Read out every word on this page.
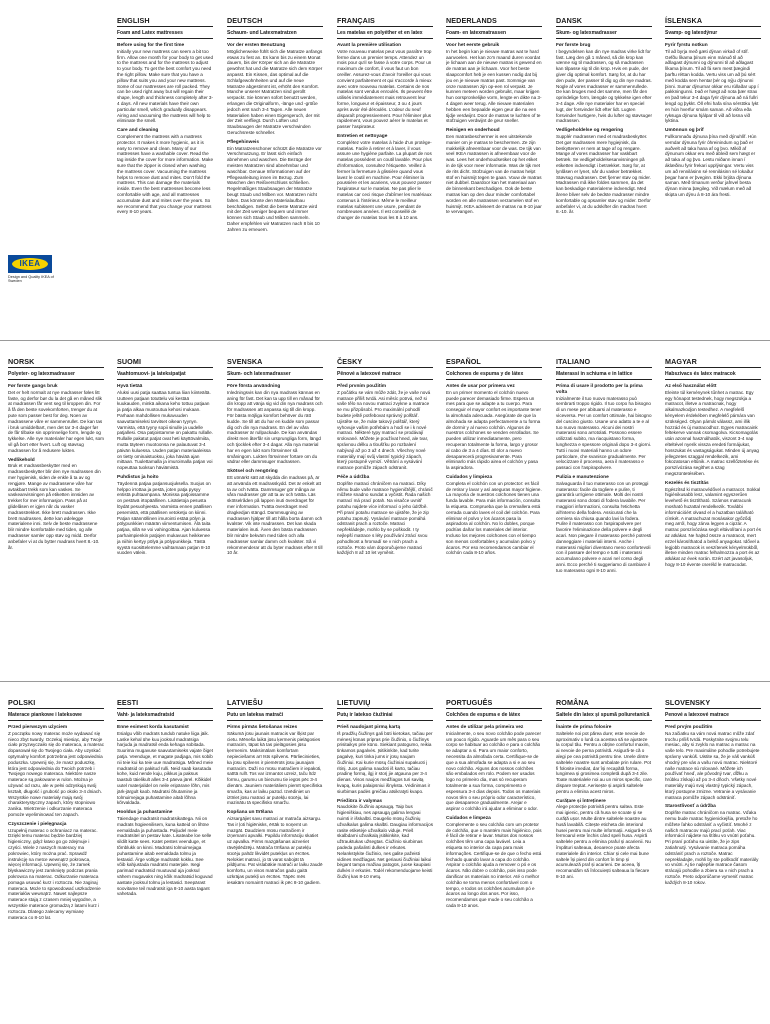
ENGLISH
Foam and Latex mattresses
Before using for the first time

Initially your new mattress can seem a bit too firm. Allow one month for your body to get used to the mattress and for the mattress to adjust to your body. To get the best comfort you need the right pillow. Make sure that you have a pillow that suits you and your new mattress. Some of our mattresses are roll packed. They can be used right away but will regain their shape, length and thickness completely after 3-4 days. All new materials have their own particular smell, which gradually disappears. Airing and vacuuming the mattress will help to eliminate the smell.

Care and cleaning

Complement the mattress with a mattress protector. It makes it more hygienic, as it is easy to remove and clean. Many of our mattresses have a washable cover. Read the tag inside the cover for more information. Make sure that the zipper is closed when washing the mattress cover. Vacuuming the mattress helps to remove dust and mites. Don't fold the mattress. This can damage the materials inside. Even the best mattresses become less comfortable with age, and all mattresses accumulate dust and mites over the years. So we recommend that you change your mattress every 8-10 years.

DEUTSCH
Schaum- und Latexmatratzen
Vor der ersten Benutzung

Möglicherweise fühlt sich die Matratze anfangs etwas zu fest an. Es kann bis zu einem Monat dauern, bis der Körper sich an die Matratze gewöhnt hat und die Matratze sich dem Körper anpasst. Ein Kissen, das optimal auf die Schlafgewohnheiten und auf die neue Matratze abgestimmt ist, erhöht den Komfort. Manche unserer Matratzen sind gerollt verpackt. Sie können sofort benutzt werden, erlangen die Originalform, -länge und -größe jedoch erst nach 3-4 Tagen. Alle neuen Materialien haben einen Eigengeruch, der mit der Zeit verfliegt. Durch Lüften und Staubsaugen der Matratze verschwinden Geruchsreste schneller.

Pflegehinweis

Ein Matratzenschoner schützt die Matratze vor Verschmutzung. Er lässt sich einfach abnehmen und waschen. Die Bezüge der meisten Matratzen sind abnehmbar und waschbar. Genaue Informationen auf der Pflegeanleitung innen im Bezug. Zum Waschen den Reißverschluss schließen. Regelmäßiges Staubsaugen der Matratze beugt Staub und Milben vor. Matratzen nicht falten. Das könnte den Materialaufbau beschädigen. Selbst die beste Matratze wird mit der Zeit weniger bequem und immer können sich Staub und Milben sammeln. Daher empfehlen wir Matratzen nach 8 bis 10 Jahren zu erneuern.

FRANÇAIS
Les matelas en polyéther et en latex
Avant la première utilisation

Votre nouveau matelas peut vous paraître trop ferme dans un premier temps. Attendez un mois pour qu'il se fasse à votre corps. Pour un maximum de confort, il vous faut un bon oreiller. Assurez-vous d'avoir l'oreiller qui vous convient parfaitement et qui s'accorde à mieux avec votre nouveau matelas. Certains de nos matelas sont vendus enroulés. Ils peuvent être utilisés immédiatement mais retrouvent leur forme, longueur et épaisseur, 3 ou 4 jours après avoir été déroulés. L'odeur du neuf disparaît progressivement. Pour l'éliminer plus rapidement, vous pouvez aérer le matelas et passer l'aspirateur.

Entretien et nettoyage

Complétez votre matelas à l'aide d'un protège-matelas. Facile à retirer et à laver, il vous assure une hygiène parfaite. La plupart de nos matelas possèdent un coutil lavable. Pour plus d'information, consultez l'étiquette. Veillez à fermer la fermeture à glissière quand vous lavez le coutil en machine. Pour éliminer la poussière et les acariens, vous pouvez passer l'aspirateur sur le matelas. Ne pas plier le matelas car ceci risque d'abîmer les matériaux contenus à l'intérieur. Même le meilleur matelas subissent une usure, pendant de nombreuses années. Il est conseillé de changer de matelas tous les 8 à 10 ans.

NEDERLANDS
Foam- en latexmatrassen
Voor het eerste gebruik

In het begin kan je nieuwe matras wat te hard aanvoelen. Het kan zo'n maand duren voordat je lichaam aan de nieuwe matras is gewend en de matras aan je lichaam. Voor het beste slaapcomfort heb je een kussen nodig dat bij jou en je nieuwe matras past. Sommige van onze matrassen zijn op-een rol verpakt. Je kunnen meteen worden gebruikt, maar krijgen hun oorspronkelijke vorm, lengte en dikte na 3-4 dagen weer terug. Alle nieuwe materialen hebben een bepaalde eigen geur die na een tijdje verdwijnt. Door de matras te luchten of te stofzuigen verdwijnt de geur sneller.

Reinigen en onderhoud

Een matrasbeschermer is een uitstekende manier om je matras te beschermen. Ze zijn makkelijk afneembaar voor de was. De tijk van veel IKEA matrassen is afneembaar voor de was. Lees het onderhoudsetiket op het etiket in de tijk voor meer informatie. Was de tijk met de rits dicht. Stofzuigen van de matras helpt stof en huismijt tegen te gaan. Vouw de matras niet dubbel. Daardoor kan het materiaal aan de binnenkant beschadigen. Ook de beste matras kan op den duur minder comfortabel worden en alle matrassen verzamelen stof en huismijt. IKEA adviseert de matras na 8-10 jaar te vervangen.

DANSK
Skum- og latexmadrasser
Før første brug

I begyndelsen kan din nye madras virke lidt for fast. Læg den gå 1 måned, så din krop kan vænne sig til madrassen, og så madrassen kan tilpasse sig til din krop. Hvis en pude, der giver dig optimal komfort. Sørg for, at du har den pude, der passer til dig og din nye madras. Nogle af vores madrasser er sammenrullede. De kan bruges med det samme, men får den oprindelige form, længde og tykkelse igen efter 3-4 dage. Alle nye materialer har en speciel lugt, der forsvinder lidt efter lidt. Lugten forsvinder hurtigere, hvis du lufter og støvsuger madrassen.

Vedligeholdelse og rengøring

Supplér madrassen med et madrasbeskytter. Det gør madrassen mere hygiejnisk, da beskytteren er nem at tage af og rengøre. Mange af vores madrasser har vaskbart betræk. Se vedligeholdelsesanvisningen på etiketten indvendigt i betrækket. Sørg for, at lynlåsen er lynet, når du vasker betrækket. Støvsug madrassen. Det fjerner støv og mider. Madrassen må ikke foldes sammen, da det kan beskadige materialerne indvendigt. Med årene bliver selv de bedste madrasser mindre komfortable og opsamler støv og mider. Derfor anbefaler vi, at du udskifter din madras hvert 8.-10. år.

ÍSLENSKA
Svamp- og latexdýnur
Fyrir fyrstu notkun

Til að byrja með gæti dýnan virkað of stíf. Gefðu líkama þínum einn mánuð til að aðlagast dýnunni og dýnunni til að aðlagast líkama þínum. Til að fá sem mest þægindi þarftu réttan kodda. Vertu viss um að þú sért með kodda sem hentar þér og nýju dýnunni þinni. Sumar dýnurnar okkar eru rúllaðar upp í pakkningunni. Það er hægt að nota þær strax en það tekur 3-4 daga fyrir dýnuna að ná fullri lengd og þykkt. Öll efni hafa sína sérstöku lykt en hún hverfur smám saman. Að viðra eða ryksuga dýnuna hjálpar til við að losna við lyktina.

Umönnun og þrif

Fullkomnaðu dýnuna þína með dýnuhlíf. Hún verndar dýnuna fyrir óhreinindum og það er auðvelt að taka hana af og þvo. Mikið af dýnunum okkar eru með ábleið sem hægt er að taka af og þvo. Lestu miðann innan í áklæðinu fyrir frekari upplýsingar. Vertu viss um að rennilásinn sé rennilásinn sé lokaður þegar hann er þveginn. Ekki brjóta dýnuna saman. Með tímanum verður jafnvel besta dýnan minna þægileg. Við mælum með að skipta um dýnu á 8-10 ára fresti.

IKEA
Design and Quality IKEA of Sweden
NORSK
Polyeter- og latexmadrasser
Før første gangs bruk

Det er helt normalt at nye madrasser føles litt faste, og derfor bør du la det gå en måned slik at madrassen får vent seg til kroppen din. For å få den beste sovekomforten, trenger du at pute som passer best for deg. Noen av madrassene våre er sammenrullet. De kan tas i bruk umiddelbart, men det tar 3-4 dager før de får tilbake sin opprinnelige form, lengde og tykkelse. Alle nye materialer har egen lukt, som vil gå bort etter hvert. Luft og støvsug madrassen for å redusere lukten.

Vedlikehold

Bruk et madrassbeskytter med en madrassbeskytter blir den nye madrassen din mer hygienisk, siden de enkle å ta av og rengjøre. Mange av madrassene våre har avtakbart trekk som kan vaskes. Se vaskeanvisningen på etiketten innsiden av trekket for mer informasjon. Pass på at glidelåsen er igjen når du vasker madrasstrekket. Ikke brett madrassen. Ikke brett madrassen, dette kan ødelegge materialene inni. Selv de beste madrassene blir mindre komfortable med tiden, og alle madrasser samler opp støv og midd. Derfor anbefaler vi at du bytter madrass hvert 8.-10. år.

SUOMI
Vaahtomuovi- ja lateksipatjat
Hyvä tietää

Aluksi uusi patja saattaa tuntua liian kiinteältä. Uutteen patjaan totuttelu voi kestää kuukauden, minkä aikana keho tottuu patjaan ja patja alkaa muotoutua kehosi mukaan. Parhaan mahdollisen mukavuuden saavuttamiseksi tarvitset oikean tyynyn. Varmista, että tyyny sopii sinulle ja uudelle patjallesi. Osa patjoistamme on pakattu rullalle. Rullalle pakatut patjat ovat heti käyttövalmiita, mutta täyteen muotoonsa ne palautuvat 3-4 päivän kuluessa. Uuden patjan materiaaleissa on tietty ominaistuoksu, joka häviää ajan mittaan. Tuulettamalla ja imuroimalla patjan voi nopeuttaa tuoksun häviämistä.

Puhdistus ja hoito

Täydennä patjaa patjansuojuksella. Suojus on helppo irrottaa ja pestä, joten patja pysyy entistä puhtaampana. Monissa patjoissamme on pestävä irtopäällinen. Lisätietoja pesusta löydät pesuohjeesta. Varmista ennen päällisen pesemistä, että päällisen vetoketju on kiinni. Patjan säännöllinen imurointi estää pölyn ja pölypunkkien määrän viimentumisen. Älä taita patjaa, sillä se voi vahingoittaa. Ajan kuluessa parhaimpienkin patjojen mukavuus heikkenee ja niihin kertyy pölyä ja pölypunkkeja. Tästä syystä suosittelemme vaihtamaan patjan 8-10 vuoden välein.

SVENSKA
Skum- och latexmadrasser
Före första användning

Inledningsvis kan din nya madrass kännas en aning för fast. Det kan ta upp till en månad för din kropp att vänja sig vid din nya madrass och för madrassen att anpassa sig till din kropp. För bästa möjliga komfort behöver du rätt kudde. Se till att du har en kudde som passar dig och din nya madrass. En del av våra madrasser är rullpackade. De kan användas direkt men återfår sin ursprungliga form, längd och tjocklek efter 3-4 dagar. Alla nya material har en egen lukt som försvinner så småningom. Lukten försvinner fortare om du vädrar eller dammsuger madrassen.

Skötsel och rengöring

Ett utmärkt sätt att skydda din madrass på, är att använda ett madrasskydd. Det är enkelt att ta av och tvätta. Dammsuger gör många av våra madrasser gör att ta av och tvätta. Läs skötselråden på lappen inuti överdraget för mer information. Tvätta överdraget med dragkedjan stängd. Dammsugning av madrassen hjälper till att hålla borta damm och kvalster. Vik inte madrassen. Det kan skada materialen inuti. Även den bästa madrassen blir mindre bekväm med tiden och alla madrasser samlar damm och kvalster. Så vi rekommenderar att du byter madrass efter 8 till 10 år.

ČESKY
Pěnové a latexové matrace
Před prvním použitím

Z počátku se vám může zdát, že je vaše nová matrace příliš tvrdá. Asi měsíc potrvá, než si vaše tělo na novou matraci zvykne a matrace se mu přizpůsobí. Pro maximální pohodlí budete ještě potřebovat správný polštář. Ujistěte se, že máte takový polštář, který vyhovuje vašim potřebám a hodí se i k nové matraci. Některé typy matrací se prodávají srolované. Můžete je používat hned, ale tvar, správnou délku a tloušťku po rozbalení nabývají až po 3 až 4 dnech. Všechny nové materiály mají svůj vlastní typický zápach, který postupně vymizí. Větrání a vysávání matrace pomůže zápach odstranit.

Péče a údržba

Doplňte matraci chráničem na matraci. Díky němu bude vaše matrace hygieničtější, chránič můžete snadno sundat a vyčistit. Řada našich matrací má prací potah. Na visačce uvnitř potahu najdete více informací o jeho údržbě. Při praní potahu matrace se ujistěte, že je zip potahu zapnutý. Vysávání matrace pomáhá odstranit prach a roztoče. Matraci nepřekládejte, mohlo by se poškodit. I ty nejlepší matrace s léty používání ztrácí svou pohodlnost a hromadí se v nich prach a roztoče. Proto vám doporučujeme matraci každých 8 až 10 let vyměnit.

ESPAÑOL
Colchones de espuma y de látex
Antes de usar por primera vez

En un primer momento el colchón nuevo puede parecer demasiado firme. Espera un mes para que se adapte a tu cuerpo. Para conseguir el mayor confort es importante tener la almohada adecuada. Asegúrate de que la almohada se adapta perfectamente a tu forma de dormir y al nuevo colchón. Algunos de nuestros colchones se venden enrollados. Se pueden utilizar inmediatamente, pero recuperan totalmente la forma, largo y grosor al cabo de 3 a 4 días. El olor a nuevo desaparecerá progresivamente. Para eliminarlo más rápido airea el colchón y pasa la aspiradora.

Cuidados y limpieza

Completa el colchón con un protector: es fácil de retirar y lavar y así aseguras mayor higiene. La mayoría de nuestros colchones tienen una funda lavable. Para más información, consulta la etiqueta. Comprueba que la cremallera está cerrada cuando laves el coil del colchón. Para eliminar el polvo y los ácaros pasa la aspiradora al colchón. No lo dobles, porque podrías dañar los materiales del interior. Incluso los mejores colchones con el tiempo son menos confortables y acumulan polvo y ácaros. Por eso recomendamos cambiar el colchón cada 8-10 años.

ITALIANO
Materassi in schiuma e in lattice
Prima di usare il prodotto per la prima volta

Inizialmente il tuo nuovo materasso può sembrarti troppo rigido. Il tuo corpo ha bisogno di un mese per abituarsi al materasso e viceversa. Per un comfort ottimale, hai bisogno del cuscino giusto. Usane uno adatto a te e al tuo nuovo materasso. Alcuni dei nostri materassi sono arrotolati. Possono essere utilizzati subito, ma riacquistano forma, lunghezza e spessore originali dopo 3-4 giorni. Tutti i nuovi materiali hanno un odore particolare, che svanisce gradualmente. Per velocizzare il processo, aera il materasso e passaci con l'aspirapolvere.

Pulizia e manutenzione

Salvaguarda il tuo materasso con un proteggi materasso: facile da togliere e pulire, ti garantirà un'igiene ottimale. Molti dei nostri materassi sono dotati di fodera lavabile. Per maggiori informazioni, consulta l'etichetta all'interno della fodera. Assicurati che la cerniera sia chiusa quando lavi la fodera. Pulire il materasso con l'aspirapolvere per favorire l'eliminazione della polvere e degli acari. Non piegare il materasso perché potresti danneggiare i materiali interni. Anche i materassi migliori diventano meno confortevoli con il passare del tempo e tutti i materassi accumulano polvere e acari nel corso degli anni. Ecco perché ti suggeriamo di cambiare il tuo materasso ogni 8-10 anni.

MAGYAR
Habszivacs és latex matracok
Az első használat előtt

Eleinte túl keménynek tűnhet a matrac. Egy egy hónapot testednek, hogy megszokja a matracot, illetve a matracnak, hogy alkalmazkodjon testedhez. A megfelelő kényelem érdekében megfelelő párnára van szükséged. Olyan párnát válassz, ami illik hozzád és új matracodhoz. Egyes matracaink feltekerve vannak csomagolva. Kicsomagolás után azonnal használhatók, viszont 3-4 nap elteltével nyerik vissza eredeti formájukat, hosszukat és vastagságukat. Minden új anyag jellegzetes szaggal rendelkezik, ami fokozatosan eltűnik. A matrac szellőztetése és porszívózása segíthet a szag megszüntetésében.

Kezelés és tisztítás

Egészítsd ki matracvédővel a matracot. Sokkal higiénikusabb lesz, valamint egyszerűen levehető és tisztítható. Számos matracunk mosható huzattal rendelkezik. További információért olvasd el a huzatban található címkét. A matrachuzat mosásakor győződj meg arról, hogy zárva legyen a cipzár. A matrac porszívózása segít eltávolítani a port és az atkákat. Ne hajtsd össze a matracot, mert ezzel károsíthatod a belső anyagokat. Idővel a legjobb matracok is veszítenek kényelmükből, illetve minden matrac felhalmozza a port és az atkákat az évek során. Ezért azt javasoljuk, hogy 8-10 évente cseréld le matracodat.

POLSKI
Materace piankowe i lateksowe
Przed pierwszym użyciem

Z początku nowy materac może wydawać się nieco zbyt twardy. Oczekuj miesiąc, aby Twoje ciało przyzwyczaiło się do materaca, a materac dopasował się do Twojego ciała. Aby uzyskać optymalny komfort potrzebna jest odpowiednia poduszka. Upewnij się, że masz poduszkę, która jest odpowiednia do Twoich potrzeb i Twojego nowego materaca. Niektóre nasze materace są pakowane w rulon. Można je używać od razu, ale w pełni odzyskują swój kształt, długość i grubość po około 3-4 dniach. Wszystkie nowe materiały mają swój charakterystyczny zapach, który stopniowo zanika. Wietrzenie i odkurzanie materaca pomoże wyeliminować ten zapach.

Czyszczenie i pielęgnacja

Uzupełnij materac o ochraniacz na materac. Dzięki temu materac będzie bardziej higieniczny, gdyż łatwo go go zdejmuje i czyści. Wiele z naszych materacy ma pokrowiec, który można prać. Sprawdź instrukcję na metce wewnątrz pokrowca, więcej informacji. Upewnij się, że zamek błyskawiczny jest zamknięty podczas prania pokrowca na materac. Odkurzanie materaca pomaga usuwać kurz i roztocza. Nie zaginaj materaca. Może to spowodować uszkodzenie materiałów wewnątrz. Nawet najlepsze materace stają z czasem mniej wygodne, a wszystkie materace gromadzą z latami kurz i roztocza. Dlatego zalecamy wymianę materaca co 8-10 lat.

EESTI
Vaht- ja lateksmadratsid
Enne esimest korda kasutamist

Esialgu võib madrats tundub natuke liiga jäik. Laske kehal ühe kuu jooksul madratsiga harjuda ja madratsil enda kehaga sobitada. Suurima mugavuse saavutamiseks vajate õiget patja. Veenduge, et magate padjaga, mis sobib nii teie kui ka teie uue madratsiga. Mõned meie madratsid on pakitud rulli. Neid saab kasutada kohe, kuid nende kuju, pikkus ja paksus taastub täielikult alles 3-4 päeva järel. Kõikidel uutel materjalidel on neile eripärane lõhn, mis järk-järgult kaob. Madratsi õhutamine ja tolmuimejaga puhastamine aitab lõhna kõrvaldada.

Hooldus ja puhastamine

Täiendage madratsit madratsikattega. Nii on madrats hügieenilisem, kuna katteid on lihtne eemaldada ja puhastada. Paljudel meie madratsitel on pestav kate. Lisateabe loe selle sildilt katte sees. Katet pestes veenduge, et tõmblukk on kinni. Madratsi tolmuimejaga puhastamine aitab eemaldada tolmu ja lestasid. Ärge voltige madratsit kokku. See võib kahjustada madratsi materjale. Isegi parimad madratsid muutuvad aja jooksul vähem mugavaks ning kõik madratsid koguvad aastate jooksul tolmu ja lestasid. Seepärast soovitame teil madratsit iga 8-10 aasta tagant vahetada.

LATVIEŠU
Putu un lateksa matrači
Pirms pirmās lietošanas reizes

Sākumā jūsu jaunais matracis var šķist par cietu. Mēneša laikā jūsu ķermenis pielāgosies matracim, tāpat kā tas pielāgosies jūsu ķermenim. Maksimālam komfortam nepieciešams arī īsts spilvens. Pārliecinieties, ka jūsu spilvens ir piemērots jūsu jaunajam matracim. Daži no mūsu matračiem ir iepakoti, satītā rullī. Tos var izmantot uzreiz, taču līdz formu, garumu un biezumu tie iegūs pēc 3-4 dienām. Jauniem materiāliem piemīt specifiska smarža, kas ar laiku pazūd. Izvēdiniet un iztīriet jūsu matraci ar putekļu sūcēju, lai mazinātu tā specifisko smaržu.

Kopšana un tīrīšana

Aizsargājiet savu matraci ar matrača aizsargu. Tas ir ļoti higiēnisks, ērtāk to noņemt un mazgāt. Daudziem mūsu matračiem ir izņemami apvalki. Papildu informāciju skatiet uz apvalka. Pirms mazgāšanas aizveriet rāvējslēdzēju. Matrača tīrīšana ar putekļu sūcēju palīdz likvidēt putekļus un ērcītes. Nelokiet matraci, jo tā varat sabojāt tā pildījumu. Pat vislabākie matrači ar laiku zaudē komfortu, un visos matračos gadu gaitā uzkrājas putekļi un ērcītes. Tāpēc mēs iesakām nomainīt matraci ik pēc 8-10 gadiem.

LIETUVIŲ
Putų ir latekso čiužiniai
Prieš naudojant pirmą kartą

Iš pradžių čiužinys gali būti kietokas, tačiau per mėnesį kūnas pripras prie čiužinio, o čiužinys prisitaikys prie kūno. Siekiant patogumo, reikia tinkamos pagalvės. Įsitikinkite, kad turite pagalvę, kuri tinka jums ir jūsų naujam čiužiniui. Kai kurie mūsų čiužiniai supakuoti į ritinį. Juos galima naudoti iš karto, tačiau pradinę formą, ilgį ir storį jie atgauna per 3-4 dienas. Visos naujos medžiagos turi savitą kvapą, kuris palaipsniui išnyksta. Vėdinimas ir siurbimas padės greičiau atsikratyti kvapo.

Priežiūra ir valymas

Naudokite čiužinio apsaugą. Taip bus higieniškiau, nes apsaugą galima lengvai nuimti ir išskalbti. Daugelio mūsų čiužinių užvalkalus galima skalbti. Daugiau informacijos rasite etiketėje užvalkalo viduje. Prieš skalbdami užvalkalą įsitikinkite, kad užtrauktukas užsegtas. Čiužinio siurbimas padeda pašalinti dulkes ir erkutes. Nelankstykite čiužinio, nes galite pažeisti vidines medžiagas. Net geriausi čiužiniai laikui bėgant tampa mažiau patogūs, juose kaupiasi dulkės ir erkutės. Todėl rekomenduojame keisti čiužinį kas 8-10 metų.

PORTUGUÊS
Colchões de espuma e de látex
Antes de utilizar pela primeira vez

Inicialmente, o seu novo colchão pode parecer um pouco rígido. Aguarde um mês para o seu corpo se habituar ao colchão e para o colchão se adaptar a si. Para um maior conforto, necessita da almofada certa. Certifique-se de que a sua almofada se adapta a si e ao seu novo colchão. Alguns dos nossos colchões são embalados em rolo. Podem ser usados logo no primeiro dia, mas só recuperam totalmente a sua forma, comprimento e espessura 3-4 dias depois. Todos os materiais novos têm o seu próprio odor característico, que desaparece gradualmente. Arejar e aspirar o colchão irá ajudar a eliminar o odor.

Cuidados e limpeza

Complemente o seu colchão com um protetor de colchão, que o mantém mais higiénico, pois é fácil de retirar e lavar. Muitos dos nossos colchões têm uma capa lavável. Leia a etiqueta no interior da capa para mais informações. Certifique-se de que o fecho está fechado quando lavar a capa do colchão. Aspirar o colchão ajuda a remover o pó e os ácaros. Não dobre o colchão, pois isso pode danificar os materiais no interior. Até o melhor colchão se torna menos confortável com o tempo, e todos os colchões acumulam pó e ácaros ao longo dos anos. Por isso, recomendamos que mude o seu colchão a cada 8-10 anos.

ROMÂNA
Saltele din latex și spumă poliuretanică
Înainte de prima folosire

Saltelele noi pot părea dure; este nevoie de aproximativ o lună ca acestea să se ajusteze la corpul tău. Pentru a obține confortul maxim, ai nevoie de perna potrivită. Asigură-te că o alegi pe cea potrivită pentru tine. Unele dintre saltelele noastre sunt ambalate prin rulare. Pot fi folosite imediat, dar își recapătă forma, lungimea și grosimea completă după 3-4 zile. Toate materialele noi au un miros specific, care dispare treptat. Aerisește și aspiră saltelele pentru a elimina acest miros.

Curățare și întreținere

Alege protecție potrivită pentru saltea. Este mai igienic, pentru că husa se scoate și se curăță ușor. Multe dintre saltelele noastre au husă lavabilă. Citește eticheta din interiorul husei pentru mai multe informații. Asigură-te că fermoarul este închis când speli husa. Aspiră saltelele pentru a elimina praful și acarienii. Nu împături salteaua, deoarece poate afecta materialele din interior. Chiar și cele mai bune saltele își pierd din confort în timp și acumulează praf și acarieni. De aceea, îți recomandăm să înlocuiești salteaua la fiecare 8-10 ani.

SLOVENSKY
Penové a latexové matrace
Pred prvým použitím

Na začiatku sa vám nová matrac môže zdať trochu príliš tvrdá. Poskytnite svojmu telu mesiac, aby si zvyklo na matrac a matrac na vaše telo. Pre maximálne pohodlie potrebujete správny vankúš. Uistite sa, že je váš vankúš vhodný pre vás a vašu novú matrac. Niektoré naše matrace sú rolované. Môžete ich používať hneď, ale pôvodný tvar, dĺžku a hrúbku získajú až po 3-4 dňoch. Všetky nové materiály majú svoj vlastný typický zápach, ktorý postupne zmizne. Vetranie a vysávanie matraca pomôže zápach odstrániť.

Starostlivosť a údržba

Doplňte matrac chráničom na matrac. Vďaka nemu bude matrac hygienickejšia, pretože ho môžete ľahko odstrániť a vyčistiť. Mnohé z našich matracov majú prací poťah. Viac informácií nájdete na štítku vo vnútri poťahu. Pri praní poťahu sa uistite, že je zips zatiahnutý. Vysávanie matraca pomáha odstrániť prach a roztoče. Matrac neprekladajte, mohli by ste poškodiť materiály vo vnútri. Aj tie najlepšie matrace časom strácajú pohodlie a zbiera sa v nich prach a roztoče. Preto odporúčame vymeniť matrac každých 8-10 rokov.
